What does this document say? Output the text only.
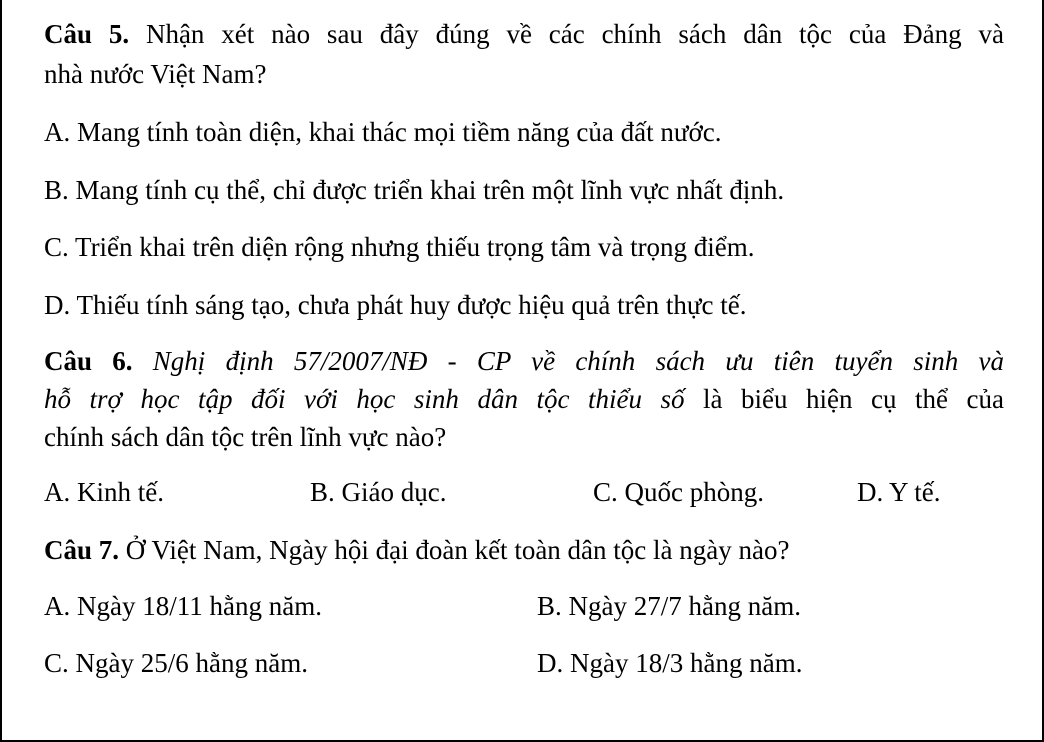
Câu 5. Nhận xét nào sau đây đúng về các chính sách dân tộc của Đảng và
nhà nước Việt Nam?
A. Mang tính toàn diện, khai thác mọi tiềm năng của đất nước.
B. Mang tính cụ thể, chỉ được triển khai trên một lĩnh vực nhất định.
C. Triển khai trên diện rộng nhưng thiếu trọng tâm và trọng điểm.
D. Thiếu tính sáng tạo, chưa phát huy được hiệu quả trên thực tế.
Câu 6. Nghị định 57/2007/NĐ - CP về chính sách ưu tiên tuyển sinh và
hỗ trợ học tập đối với học sinh dân tộc thiểu số là biểu hiện cụ thể của
chính sách dân tộc trên lĩnh vực nào?
A. Kinh tế.	B. Giáo dục.	C. Quốc phòng.	D. Y tế.
Câu 7. Ở Việt Nam, Ngày hội đại đoàn kết toàn dân tộc là ngày nào?
A. Ngày 18/11 hằng năm.	B. Ngày 27/7 hằng năm.
C. Ngày 25/6 hằng năm.	D. Ngày 18/3 hằng năm.
